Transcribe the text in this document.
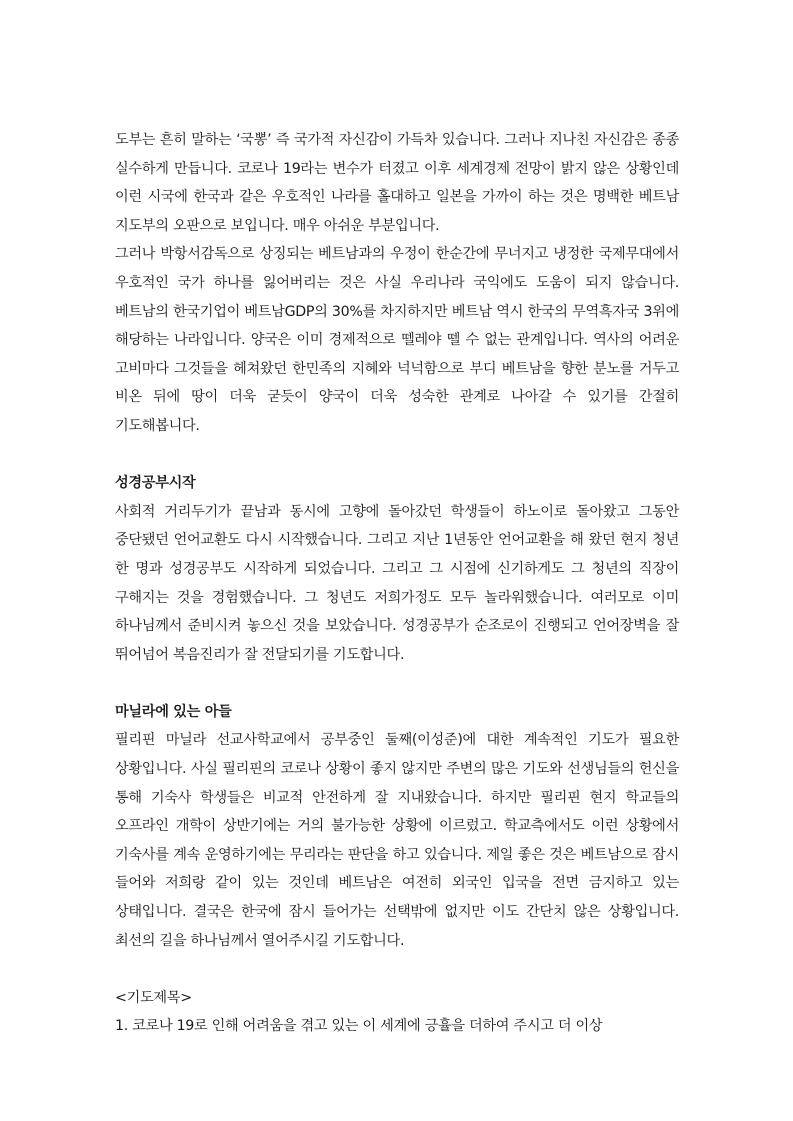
도부는 흔히 말하는 ‘국뽕’ 즉 국가적 자신감이 가득차 있습니다. 그러나 지나친 자신감은 종종 실수하게 만듭니다. 코로나 19라는 변수가 터졌고 이후 세계경제 전망이 밝지 않은 상황인데 이런 시국에 한국과 같은 우호적인 나라를 홀대하고 일본을 가까이 하는 것은 명백한 베트남 지도부의 오판으로 보입니다. 매우 아쉬운 부분입니다.

그러나 박항서감독으로 상징되는 베트남과의 우정이 한순간에 무너지고 냉정한 국제무대에서 우호적인 국가 하나를 잃어버리는 것은 사실 우리나라 국익에도 도움이 되지 않습니다. 베트남의 한국기업이 베트남GDP의 30%를 차지하지만 베트남 역시 한국의 무역흑자국 3위에 해당하는 나라입니다. 양국은 이미 경제적으로 뗄레야 뗄 수 없는 관계입니다. 역사의 어려운 고비마다 그것들을 헤쳐왔던 한민족의 지혜와 넉넉함으로 부디 베트남을 향한 분노를 거두고 비온 뒤에 땅이 더욱 굳듯이 양국이 더욱 성숙한 관계로 나아갈 수 있기를 간절히 기도해봅니다.

성경공부시작

사회적 거리두기가 끝남과 동시에 고향에 돌아갔던 학생들이 하노이로 돌아왔고 그동안 중단됐던 언어교환도 다시 시작했습니다. 그리고 지난 1년동안 언어교환을 해 왔던 현지 청년 한 명과 성경공부도 시작하게 되었습니다. 그리고 그 시점에 신기하게도 그 청년의 직장이 구해지는 것을 경험했습니다. 그 청년도 저희가정도 모두 놀라워했습니다. 여러모로 이미 하나님께서 준비시켜 놓으신 것을 보았습니다. 성경공부가 순조로이 진행되고 언어장벽을 잘 뛰어넘어 복음진리가 잘 전달되기를 기도합니다.

마닐라에 있는 아들

필리핀 마닐라 선교사학교에서 공부중인 둘째(이성준)에 대한 계속적인 기도가 필요한 상황입니다. 사실 필리핀의 코로나 상황이 좋지 않지만 주변의 많은 기도와 선생님들의 헌신을 통해 기숙사 학생들은 비교적 안전하게 잘 지내왔습니다. 하지만 필리핀 현지 학교들의 오프라인 개학이 상반기에는 거의 불가능한 상황에 이르렀고. 학교측에서도 이런 상황에서 기숙사를 계속 운영하기에는 무리라는 판단을 하고 있습니다. 제일 좋은 것은 베트남으로 잠시 들어와 저희랑 같이 있는 것인데 베트남은 여전히 외국인 입국을 전면 금지하고 있는 상태입니다. 결국은 한국에 잠시 들어가는 선택밖에 없지만 이도 간단치 않은 상황입니다. 최선의 길을 하나님께서 열어주시길 기도합니다.

<기도제목>

1. 코로나 19로 인해 어려움을 겪고 있는 이 세계에 긍휼을 더하여 주시고 더 이상
